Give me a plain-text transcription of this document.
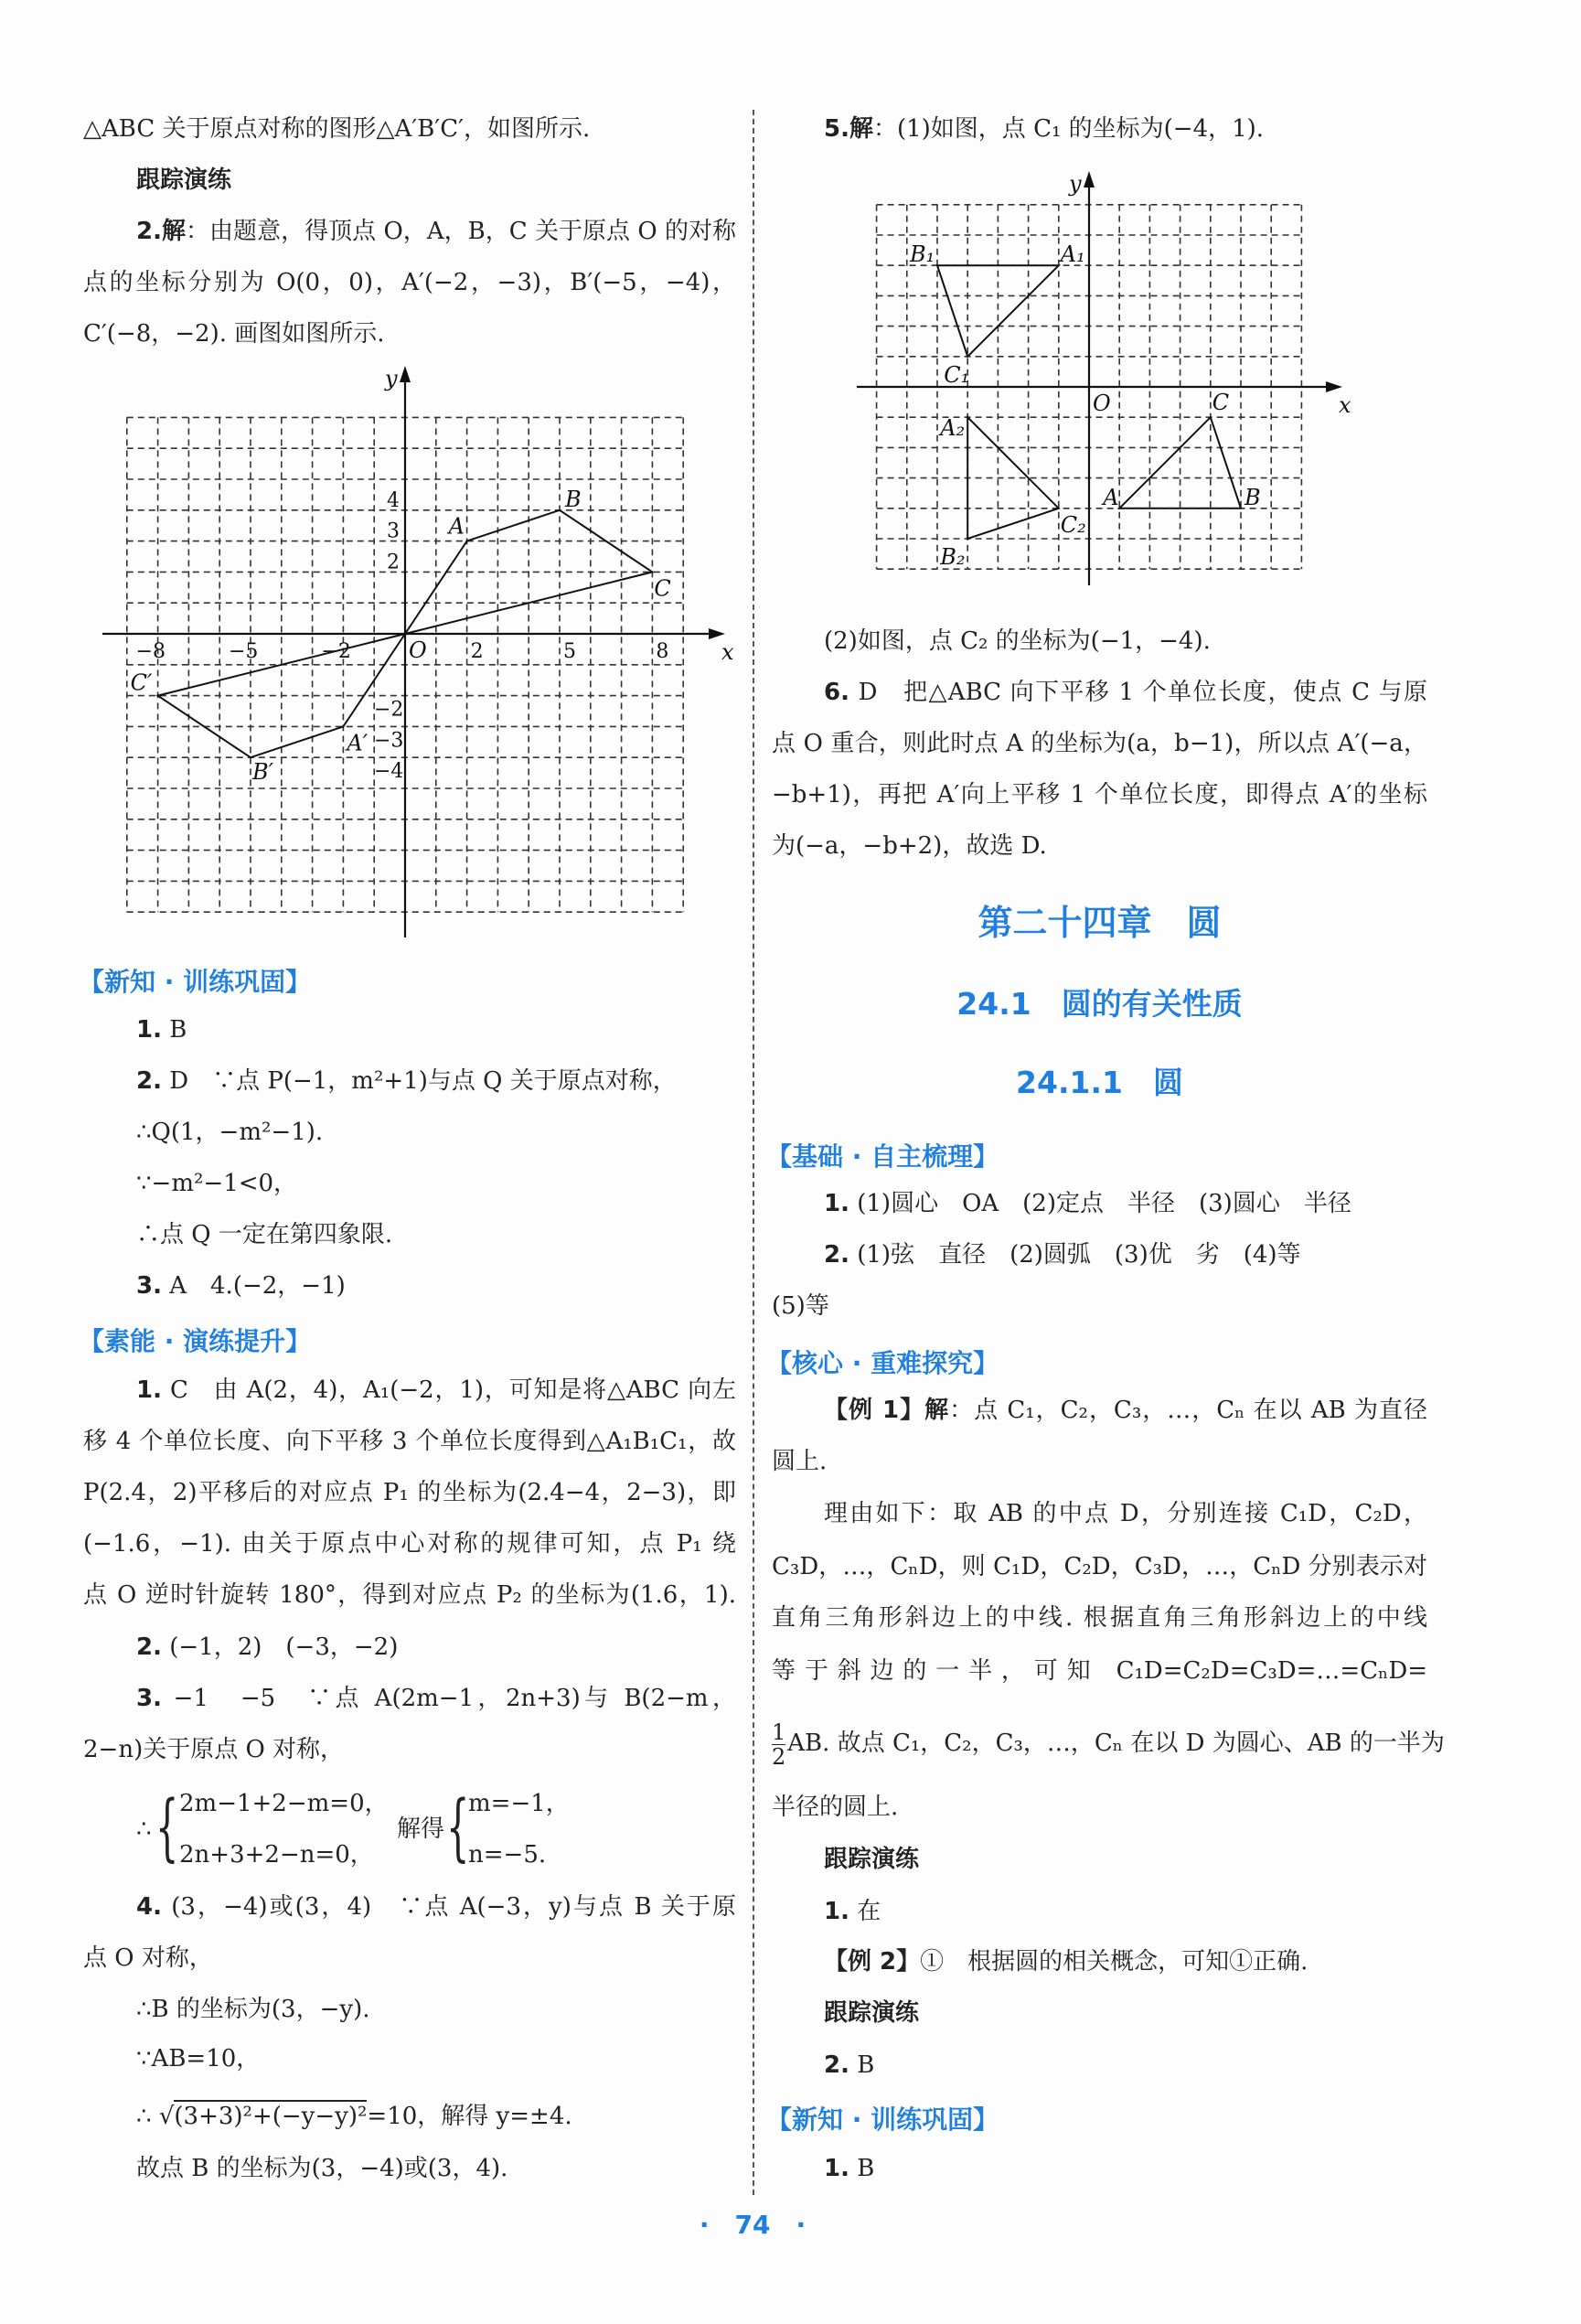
△ABC 关于原点对称的图形△A′B′C′，如图所示.
跟踪演练
2.解：由题意，得顶点 O，A，B，C 关于原点 O 的对称
点的坐标分别为 O(0，0)，A′(−2，−3)，B′(−5，−4)，
C′(−8，−2). 画图如图所示.
【新知 · 训练巩固】
1. B
2. D　∵点 P(−1，m²+1)与点 Q 关于原点对称，
∴Q(1，−m²−1).
∵−m²−1<0，
∴点 Q 一定在第四象限.
3. A　4.(−2，−1)
【素能 · 演练提升】
1. C　由 A(2，4)，A₁(−2，1)，可知是将△ABC 向左
移 4 个单位长度、向下平移 3 个单位长度得到△A₁B₁C₁，故
P(2.4，2)平移后的对应点 P₁ 的坐标为(2.4−4，2−3)，即
(−1.6，−1). 由关于原点中心对称的规律可知，点 P₁ 绕
点 O 逆时针旋转 180°，得到对应点 P₂ 的坐标为(1.6，1).
2. (−1，2)　(−3，−2)
3. −1　−5　∵点 A(2m−1，2n+3)与 B(2−m，
2−n)关于原点 O 对称，
∴ { 2m−1+2−m=0，
2n+3+2−n=0，
解得 {
m=−1，
n=−5.
4. (3，−4)或(3，4)　∵点 A(−3，y)与点 B 关于原
点 O 对称，
∴B 的坐标为(3，−y).
∵AB=10，
∴ √(3+3)²+(−y−y)²=10，解得 y=±4.
故点 B 的坐标为(3，−4)或(3，4).
5.解：(1)如图，点 C₁ 的坐标为(−4，1).
(2)如图，点 C₂ 的坐标为(−1，−4).
6. D　把△ABC 向下平移 1 个单位长度，使点 C 与原
点 O 重合，则此时点 A 的坐标为(a，b−1)，所以点 A′(−a，
−b+1)，再把 A′向上平移 1 个单位长度，即得点 A′的坐标
为(−a，−b+2)，故选 D.
第二十四章　圆
24.1　圆的有关性质
24.1.1　圆
【基础 · 自主梳理】
1. (1)圆心　OA　(2)定点　半径　(3)圆心　半径
2. (1)弦　直径　(2)圆弧　(3)优　劣　(4)等
(5)等
【核心 · 重难探究】
【例 1】解：点 C₁，C₂，C₃，…，Cₙ 在以 AB 为直径
圆上.
理由如下：取 AB 的中点 D，分别连接 C₁D，C₂D，
C₃D，…，CₙD，则 C₁D，C₂D，C₃D，…，CₙD 分别表示对
直角三角形斜边上的中线. 根据直角三角形斜边上的中线
等于斜边的一半，可知 C₁D=C₂D=C₃D=…=CₙD=
$\frac{1}{2}$ AB. 故点 C₁，C₂，C₃，…，Cₙ 在以 D 为圆心、AB 的一半为
半径的圆上.
跟踪演练
1. 在
【例 2】①　根据圆的相关概念，可知①正确.
跟踪演练
2. B
【新知 · 训练巩固】
1. B
·　74　·
x
y
O
−8	−5	−2	2	5	8
4
3
2
−2
−3
−4
A
B
C
A′
B′
C′
x
y
O
A	B
C
A₁
B₁
C₁
A₂
B₂
C₂
